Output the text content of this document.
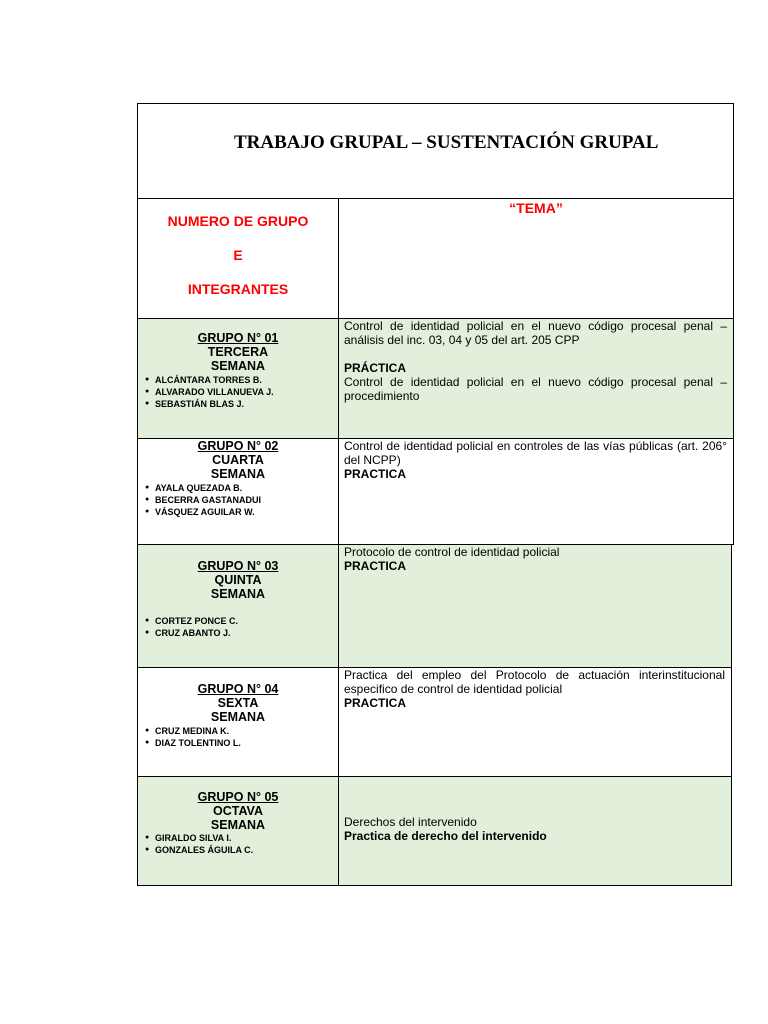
TRABAJO GRUPAL – SUSTENTACIÓN GRUPAL
NUMERO DE GRUPO
E
INTEGRANTES
“TEMA”
GRUPO N° 01
TERCERA
SEMANA
● ALCÁNTARA TORRES B.
● ALVARADO VILLANUEVA J.
● SEBASTIÁN BLAS J.
Control de identidad policial en el nuevo código procesal penal – análisis del inc. 03, 04 y 05 del art. 205 CPP
PRÁCTICA
Control de identidad policial en el nuevo código procesal penal – procedimiento
GRUPO N° 02
CUARTA
SEMANA
● AYALA QUEZADA B.
● BECERRA GASTANADUI
● VÁSQUEZ AGUILAR W.
Control de identidad policial en controles de las vías públicas (art. 206° del NCPP)
PRACTICA
GRUPO N° 03
QUINTA
SEMANA
● CORTEZ PONCE C.
● CRUZ ABANTO J.
Protocolo de control de identidad policial
PRACTICA
GRUPO N° 04
SEXTA
SEMANA
● CRUZ MEDINA K.
● DIAZ TOLENTINO L.
Practica del empleo del Protocolo de actuación interinstitucional especifico de control de identidad policial
PRACTICA
GRUPO N° 05
OCTAVA
SEMANA
● GIRALDO SILVA I.
● GONZALES ÁGUILA C.
Derechos del intervenido
Practica de derecho del intervenido
